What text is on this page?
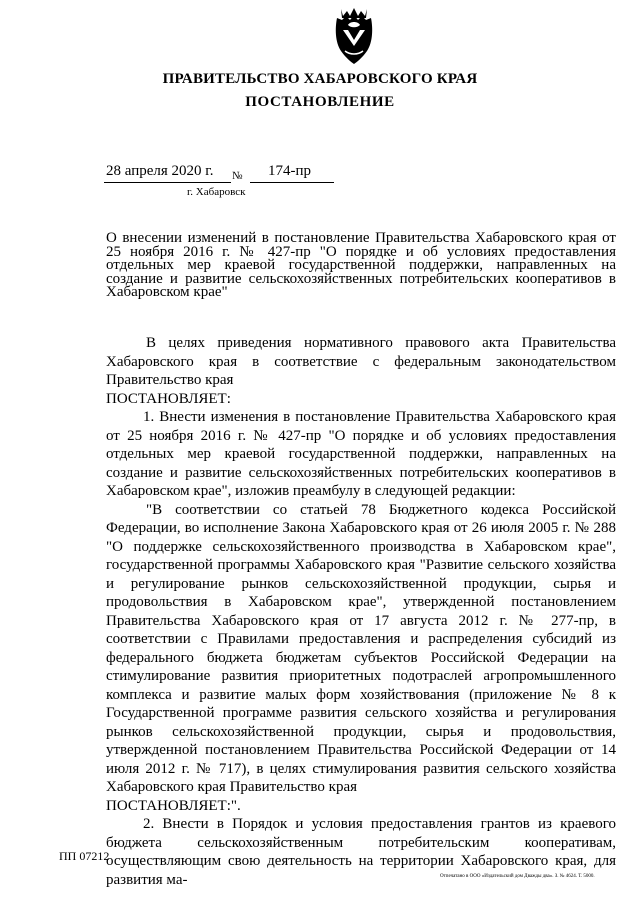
ПРАВИТЕЛЬСТВО ХАБАРОВСКОГО КРАЯ
ПОСТАНОВЛЕНИЕ
28 апреля 2020 г. № 174-пр
г. Хабаровск
О внесении изменений в постановление Правительства Хабаровского края от 25 ноября 2016 г. № 427-пр "О порядке и об условиях предоставления отдельных мер краевой государственной поддержки, направленных на создание и развитие сельскохозяйственных потребительских кооперативов в Хабаровском крае"

В целях приведения нормативного правового акта Правительства Хабаровского края в соответствие с федеральным законодательством Правительство края

ПОСТАНОВЛЯЕТ:

1. Внести изменения в постановление Правительства Хабаровского края от 25 ноября 2016 г. № 427-пр "О порядке и об условиях предоставления отдельных мер краевой государственной поддержки, направленных на создание и развитие сельскохозяйственных потребительских кооперативов в Хабаровском крае", изложив преамбулу в следующей редакции:

"В соответствии со статьей 78 Бюджетного кодекса Российской Федерации, во исполнение Закона Хабаровского края от 26 июля 2005 г. № 288 "О поддержке сельскохозяйственного производства в Хабаровском крае", государственной программы Хабаровского края "Развитие сельского хозяйства и регулирование рынков сельскохозяйственной продукции, сырья и продовольствия в Хабаровском крае", утвержденной постановлением Правительства Хабаровского края от 17 августа 2012 г. № 277-пр, в соответствии с Правилами предоставления и распределения субсидий из федерального бюджета бюджетам субъектов Российской Федерации на стимулирование развития приоритетных подотраслей агропромышленного комплекса и развитие малых форм хозяйствования (приложение № 8 к Государственной программе развития сельского хозяйства и регулирования рынков сельскохозяйственной продукции, сырья и продовольствия, утвержденной постановлением Правительства Российской Федерации от 14 июля 2012 г. № 717), в целях стимулирования развития сельского хозяйства Хабаровского края Правительство края

ПОСТАНОВЛЯЕТ:".

2. Внести в Порядок и условия предоставления грантов из краевого бюджета сельскохозяйственным потребительским кооперативам, осуществляющим свою деятельность на территории Хабаровского края, для развития ма-

ПП 07212
Отпечатано в ООО «Издательский дом Дважды два». З. № 4624. Т. 5000.
